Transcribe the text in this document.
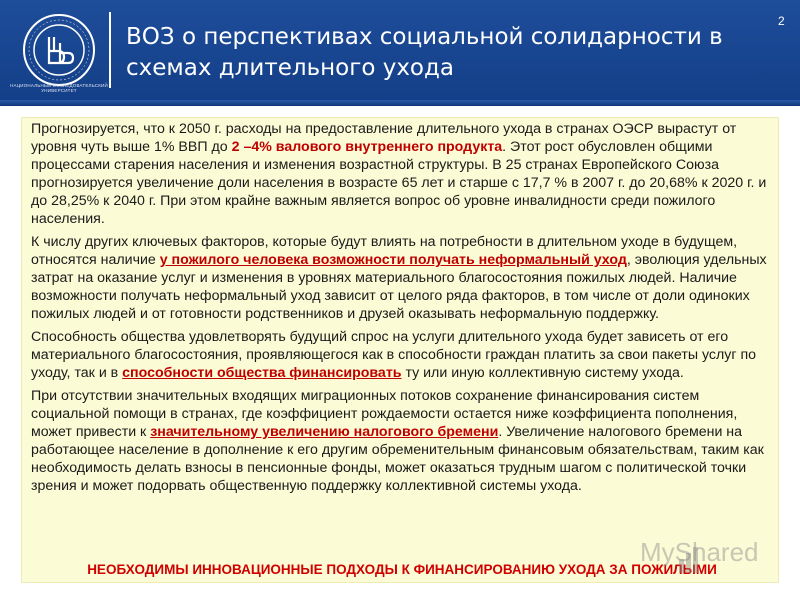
НАЦИОНАЛЬНЫЙ ИССЛЕДОВАТЕЛЬСКИЙ УНИВЕРСИТЕТ
ВОЗ о перспективах социальной солидарности в схемах длительного ухода
2

Прогнозируется, что к 2050 г. расходы на предоставление длительного ухода в странах ОЭСР вырастут от уровня чуть выше 1% ВВП до 2 –4% валового внутреннего продукта. Этот рост обусловлен общими процессами старения населения и изменения возрастной структуры. В 25 странах Европейского Союза прогнозируется увеличение доли населения в возрасте 65 лет и старше с 17,7 % в 2007 г. до 20,68% к 2020 г. и до 28,25% к 2040 г. При этом крайне важным является вопрос об уровне инвалидности среди пожилого населения.

К числу других ключевых факторов, которые будут влиять на потребности в длительном уходе в будущем, относятся наличие у пожилого человека возможности получать неформальный уход, эволюция удельных затрат на оказание услуг и изменения в уровнях материального благосостояния пожилых людей. Наличие возможности получать неформальный уход зависит от целого ряда факторов, в том числе от доли одиноких пожилых людей и от готовности родственников и друзей оказывать неформальную поддержку.

Способность общества удовлетворять будущий спрос на услуги длительного ухода будет зависеть от его материального благосостояния, проявляющегося как в способности граждан платить за свои пакеты услуг по уходу, так и в способности общества финансировать ту или иную коллективную систему ухода.

При отсутствии значительных входящих миграционных потоков сохранение финансирования систем социальной помощи в странах, где коэффициент рождаемости остается ниже коэффициента пополнения, может привести к значительному увеличению налогового бремени. Увеличение налогового бремени на работающее население в дополнение к его другим обременительным финансовым обязательствам, таким как необходимость делать взносы в пенсионные фонды, может оказаться трудным шагом с политической точки зрения и может подорвать общественную поддержку коллективной системы ухода.

НЕОБХОДИМЫ ИННОВАЦИОННЫЕ ПОДХОДЫ К ФИНАНСИРОВАНИЮ УХОДА ЗА ПОЖИЛЫМИ
MyShared
